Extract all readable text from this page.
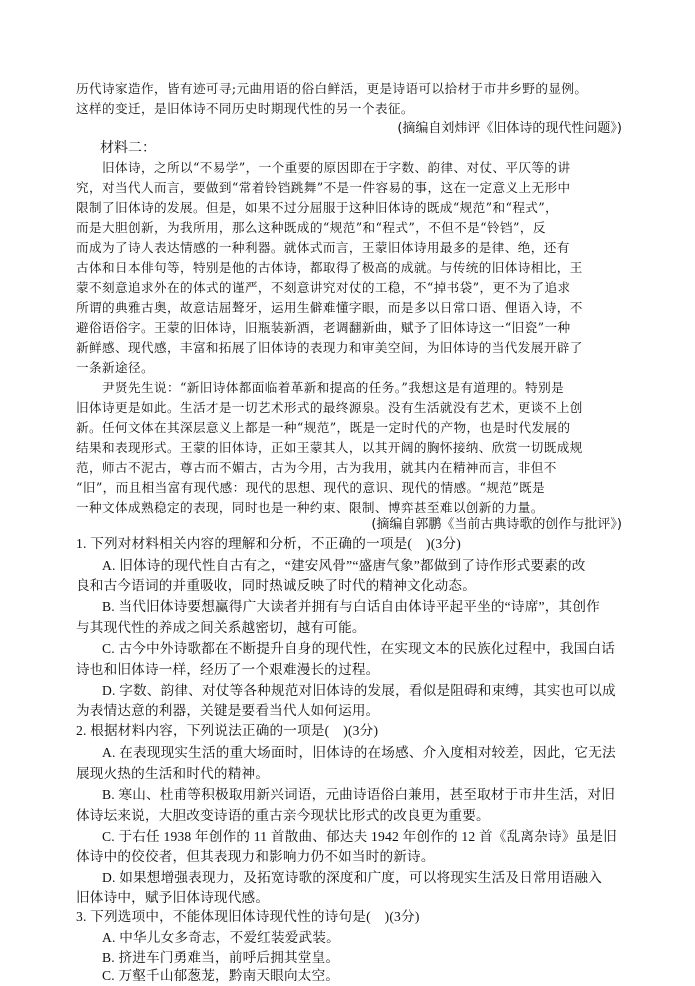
历代诗家造作，皆有迹可寻;元曲用语的俗白鲜活，更是诗语可以拾材于市井乡野的显例。
这样的变迁，是旧体诗不同历史时期现代性的另一个表征。
(摘编自刘炜评《旧体诗的现代性问题》)
材料二：
旧体诗，之所以“不易学”，一个重要的原因即在于字数、韵律、对仗、平仄等的讲
究，对当代人而言，要做到“常着铃铛跳舞”不是一件容易的事，这在一定意义上无形中
限制了旧体诗的发展。但是，如果不过分屈服于这种旧体诗的既成“规范”和“程式”，
而是大胆创新，为我所用，那么这种既成的“规范”和“程式”，不但不是“铃铛”，反
而成为了诗人表达情感的一种利器。就体式而言，王蒙旧体诗用最多的是律、绝，还有
古体和日本俳句等，特别是他的古体诗，都取得了极高的成就。与传统的旧体诗相比，王
蒙不刻意追求外在的体式的谨严，不刻意讲究对仗的工稳，不“掉书袋”，更不为了追求
所谓的典雅古奥，故意诘屈聱牙，运用生僻难懂字眼，而是多以日常口语、俚语入诗，不
避俗语俗字。王蒙的旧体诗，旧瓶装新酒，老调翻新曲，赋予了旧体诗这一“旧瓷”一种
新鲜感、现代感，丰富和拓展了旧体诗的表现力和审美空间，为旧体诗的当代发展开辟了
一条新途径。
尹贤先生说：“新旧诗体都面临着革新和提高的任务。”我想这是有道理的。特别是
旧体诗更是如此。生活才是一切艺术形式的最终源泉。没有生活就没有艺术，更谈不上创
新。任何文体在其深层意义上都是一种“规范”，既是一定时代的产物，也是时代发展的
结果和表现形式。王蒙的旧体诗，正如王蒙其人，以其开阔的胸怀接纳、欣赏一切既成规
范，师古不泥古，尊古而不媚古，古为今用，古为我用，就其内在精神而言，非但不
“旧”，而且相当富有现代感：现代的思想、现代的意识、现代的情感。“规范”既是
一种文体成熟稳定的表现，同时也是一种约束、限制、博弈甚至难以创新的力量。
(摘编自郭鹏《当前古典诗歌的创作与批评》)
1. 下列对材料相关内容的理解和分析，不正确的一项是(　)(3分)
A. 旧体诗的现代性自古有之，“建安风骨”“盛唐气象”都做到了诗作形式要素的改
良和古今语词的并重吸收，同时热诚反映了时代的精神文化动态。
B. 当代旧体诗要想赢得广大读者并拥有与白话自由体诗平起平坐的“诗席”，其创作
与其现代性的养成之间关系越密切，越有可能。
C. 古今中外诗歌都在不断提升自身的现代性，在实现文本的民族化过程中，我国白话
诗也和旧体诗一样，经历了一个艰难漫长的过程。
D. 字数、韵律、对仗等各种规范对旧体诗的发展，看似是阻碍和束缚，其实也可以成
为表情达意的利器，关键是要看当代人如何运用。
2. 根据材料内容，下列说法正确的一项是(　)(3分)
A. 在表现现实生活的重大场面时，旧体诗的在场感、介入度相对较差，因此，它无法
展现火热的生活和时代的精神。
B. 寒山、杜甫等积极取用新兴词语，元曲诗语俗白兼用，甚至取材于市井生活，对旧
体诗坛来说，大胆改变诗语的重古亲今现状比形式的改良更为重要。
C. 于右任 1938 年创作的 11 首散曲、郁达夫 1942 年创作的 12 首《乱离杂诗》虽是旧
体诗中的佼佼者，但其表现力和影响力仍不如当时的新诗。
D. 如果想增强表现力，及拓宽诗歌的深度和广度，可以将现实生活及日常用语融入
旧体诗中，赋予旧体诗现代感。
3. 下列选项中，不能体现旧体诗现代性的诗句是(　)(3分)
A. 中华儿女多奇志，不爱红装爱武装。
B. 挤进车门勇难当，前呼后拥其堂皇。
C. 万壑千山郁葱茏，黔南天眼向太空。
